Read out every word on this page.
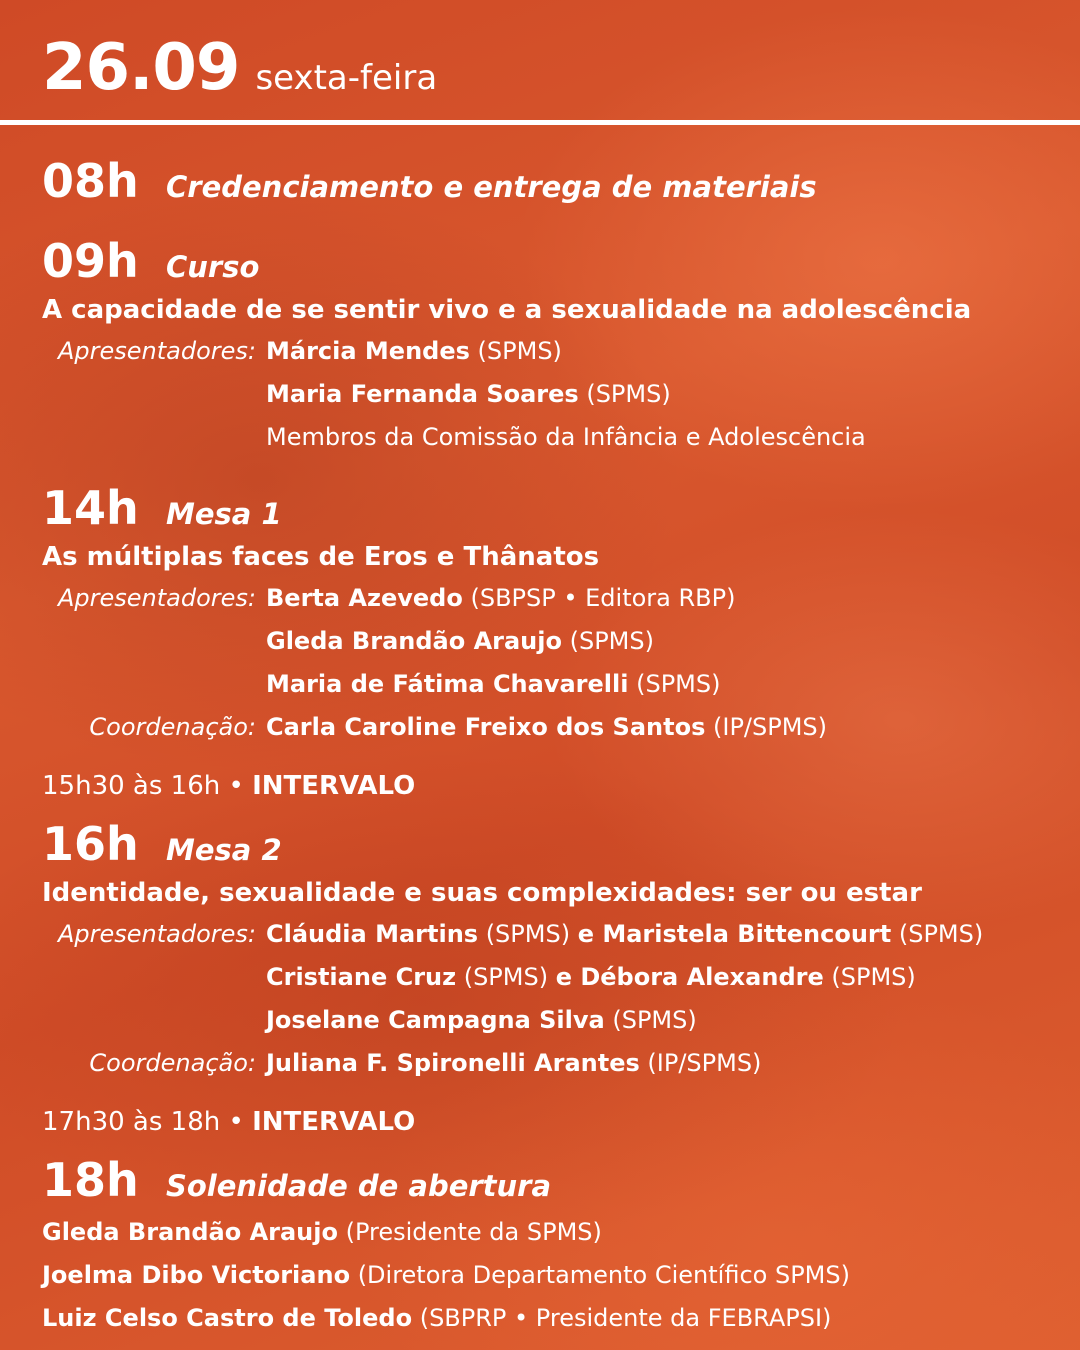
26.09 sexta-feira
08h Credenciamento e entrega de materiais
09h Curso
A capacidade de se sentir vivo e a sexualidade na adolescência
Apresentadores: Márcia Mendes (SPMS)
Maria Fernanda Soares (SPMS)
Membros da Comissão da Infância e Adolescência
14h Mesa 1
As múltiplas faces de Eros e Thânatos
Apresentadores: Berta Azevedo (SBPSP • Editora RBP)
Gleda Brandão Araujo (SPMS)
Maria de Fátima Chavarelli (SPMS)
Coordenação: Carla Caroline Freixo dos Santos (IP/SPMS)
15h30 às 16h • INTERVALO
16h Mesa 2
Identidade, sexualidade e suas complexidades: ser ou estar
Apresentadores: Cláudia Martins (SPMS) e Maristela Bittencourt (SPMS)
Cristiane Cruz (SPMS) e Débora Alexandre (SPMS)
Joselane Campagna Silva (SPMS)
Coordenação: Juliana F. Spironelli Arantes (IP/SPMS)
17h30 às 18h • INTERVALO
18h Solenidade de abertura
Gleda Brandão Araujo (Presidente da SPMS)
Joelma Dibo Victoriano (Diretora Departamento Científico SPMS)
Luiz Celso Castro de Toledo (SBPRP • Presidente da FEBRAPSI)
